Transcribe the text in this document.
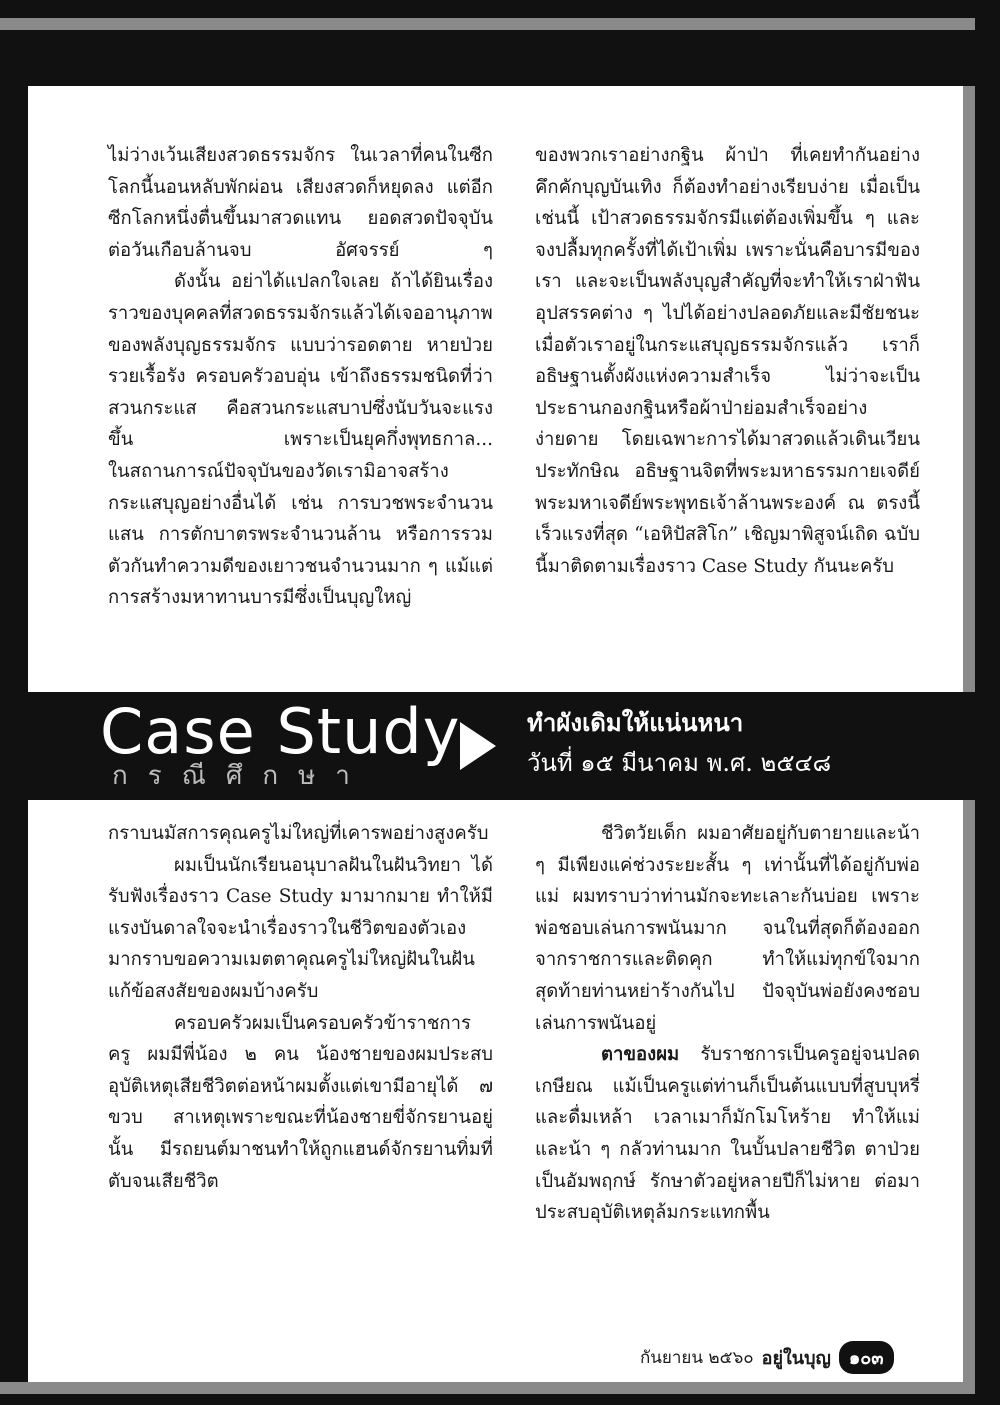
ไม่ว่างเว้นเสียงสวดธรรมจักร ในเวลาที่คนในซีกโลกนี้นอนหลับพักผ่อน เสียงสวดก็หยุดลง แต่อีกซีกโลกหนึ่งตื่นขึ้นมาสวดแทน ยอดสวดปัจจุบันต่อวันเกือบล้านจบ อัศจรรย์ ๆ

ดังนั้น อย่าได้แปลกใจเลย ถ้าได้ยินเรื่องราวของบุคคลที่สวดธรรมจักรแล้วได้เจออานุภาพของพลังบุญธรรมจักร แบบว่ารอดตาย หายป่วย รวยเรื้อรัง ครอบครัวอบอุ่น เข้าถึงธรรมชนิดที่ว่าสวนกระแส คือสวนกระแสบาปซึ่งนับวันจะแรงขึ้น เพราะเป็นยุคกึ่งพุทธกาล...

ในสถานการณ์ปัจจุบันของวัดเรามิอาจสร้างกระแสบุญอย่างอื่นได้ เช่น การบวชพระจำนวนแสน การตักบาตรพระจำนวนล้าน หรือการรวมตัวกันทำความดีของเยาวชนจำนวนมาก ๆ แม้แต่การสร้างมหาทานบารมีซึ่งเป็นบุญใหญ่

ของพวกเราอย่างกฐิน ผ้าป่า ที่เคยทำกันอย่างคึกคักบุญบันเทิง ก็ต้องทำอย่างเรียบง่าย เมื่อเป็นเช่นนี้ เป้าสวดธรรมจักรมีแต่ต้องเพิ่มขึ้น ๆ และจงปลื้มทุกครั้งที่ได้เป้าเพิ่ม เพราะนั่นคือบารมีของเรา และจะเป็นพลังบุญสำคัญที่จะทำให้เราฝ่าฟันอุปสรรคต่าง ๆ ไปได้อย่างปลอดภัยและมีชัยชนะ เมื่อตัวเราอยู่ในกระแสบุญธรรมจักรแล้ว เราก็อธิษฐานตั้งผังแห่งความสำเร็จ ไม่ว่าจะเป็นประธานกองกฐินหรือผ้าป่าย่อมสำเร็จอย่างง่ายดาย โดยเฉพาะการได้มาสวดแล้วเดินเวียนประทักษิณ อธิษฐานจิตที่พระมหาธรรมกายเจดีย์ พระมหาเจดีย์พระพุทธเจ้าล้านพระองค์ ณ ตรงนี้เร็วแรงที่สุด “เอหิปัสสิโก” เชิญมาพิสูจน์เถิด ฉบับนี้มาติดตามเรื่องราว Case Study กันนะครับ

Case Study

กรณีศึกษา

ทำผังเดิมให้แน่นหนา

วันที่ ๑๕ มีนาคม พ.ศ. ๒๕๔๘

กราบนมัสการคุณครูไม่ใหญ่ที่เคารพอย่างสูงครับ

ผมเป็นนักเรียนอนุบาลฝันในฝันวิทยา ได้รับฟังเรื่องราว Case Study มามากมาย ทำให้มีแรงบันดาลใจจะนำเรื่องราวในชีวิตของตัวเองมากราบขอความเมตตาคุณครูไม่ใหญ่ฝันในฝันแก้ข้อสงสัยของผมบ้างครับ

ครอบครัวผมเป็นครอบครัวข้าราชการครู ผมมีพี่น้อง ๒ คน น้องชายของผมประสบอุบัติเหตุเสียชีวิตต่อหน้าผมตั้งแต่เขามีอายุได้ ๗ ขวบ สาเหตุเพราะขณะที่น้องชายขี่จักรยานอยู่นั้น มีรถยนต์มาชนทำให้ถูกแฮนด์จักรยานทิ่มที่ตับจนเสียชีวิต

ชีวิตวัยเด็ก ผมอาศัยอยู่กับตายายและน้า ๆ มีเพียงแค่ช่วงระยะสั้น ๆ เท่านั้นที่ได้อยู่กับพ่อแม่ ผมทราบว่าท่านมักจะทะเลาะกันบ่อย เพราะพ่อชอบเล่นการพนันมาก จนในที่สุดก็ต้องออกจากราชการและติดคุก ทำให้แม่ทุกข์ใจมาก สุดท้ายท่านหย่าร้างกันไป ปัจจุบันพ่อยังคงชอบเล่นการพนันอยู่

ตาของผม รับราชการเป็นครูอยู่จนปลดเกษียณ แม้เป็นครูแต่ท่านก็เป็นต้นแบบที่สูบบุหรี่และดื่มเหล้า เวลาเมาก็มักโมโหร้าย ทำให้แม่และน้า ๆ กลัวท่านมาก ในบั้นปลายชีวิต ตาป่วยเป็นอัมพฤกษ์ รักษาตัวอยู่หลายปีก็ไม่หาย ต่อมาประสบอุบัติเหตุล้มกระแทกพื้น

กันยายน ๒๕๖๐ อยู่ในบุญ	๑๐๓
